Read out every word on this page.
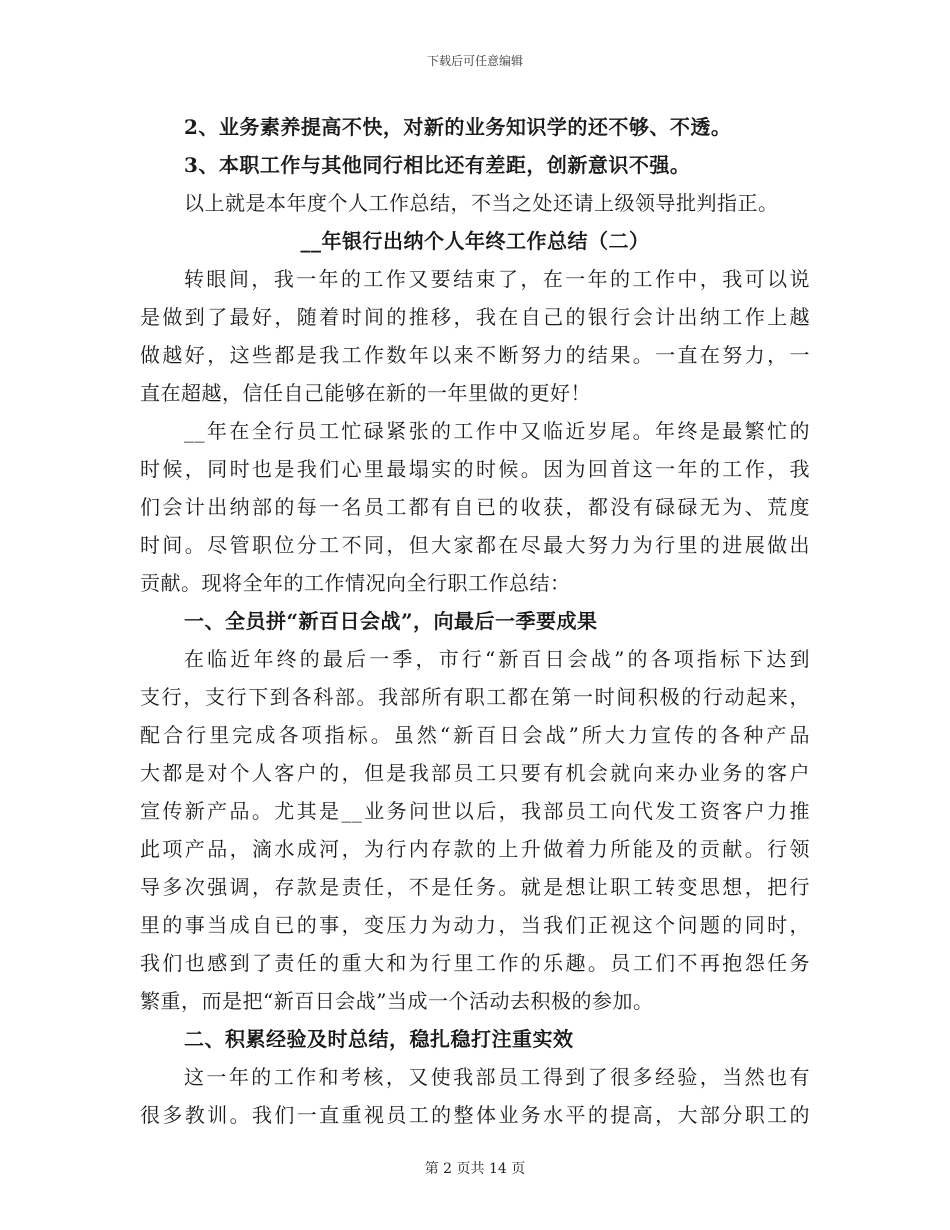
下载后可任意编辑
2、业务素养提高不快，对新的业务知识学的还不够、不透。
3、本职工作与其他同行相比还有差距，创新意识不强。
以上就是本年度个人工作总结，不当之处还请上级领导批判指正。
__年银行出纳个人年终工作总结（二）
转眼间，我一年的工作又要结束了，在一年的工作中，我可以说
是做到了最好，随着时间的推移，我在自己的银行会计出纳工作上越
做越好，这些都是我工作数年以来不断努力的结果。一直在努力，一
直在超越，信任自己能够在新的一年里做的更好！
__年在全行员工忙碌紧张的工作中又临近岁尾。年终是最繁忙的
时候，同时也是我们心里最塌实的时候。因为回首这一年的工作，我
们会计出纳部的每一名员工都有自已的收获，都没有碌碌无为、荒度
时间。尽管职位分工不同，但大家都在尽最大努力为行里的进展做出
贡献。现将全年的工作情况向全行职工作总结：
一、全员拼“新百日会战”，向最后一季要成果
在临近年终的最后一季，市行“新百日会战”的各项指标下达到
支行，支行下到各科部。我部所有职工都在第一时间积极的行动起来，
配合行里完成各项指标。虽然“新百日会战”所大力宣传的各种产品
大都是对个人客户的，但是我部员工只要有机会就向来办业务的客户
宣传新产品。尤其是__业务问世以后，我部员工向代发工资客户力推
此项产品，滴水成河，为行内存款的上升做着力所能及的贡献。行领
导多次强调，存款是责任，不是任务。就是想让职工转变思想，把行
里的事当成自已的事，变压力为动力，当我们正视这个问题的同时，
我们也感到了责任的重大和为行里工作的乐趣。员工们不再抱怨任务
繁重，而是把“新百日会战”当成一个活动去积极的参加。
二、积累经验及时总结，稳扎稳打注重实效
这一年的工作和考核，又使我部员工得到了很多经验，当然也有
很多教训。我们一直重视员工的整体业务水平的提高，大部分职工的
第 2 页共 14 页
